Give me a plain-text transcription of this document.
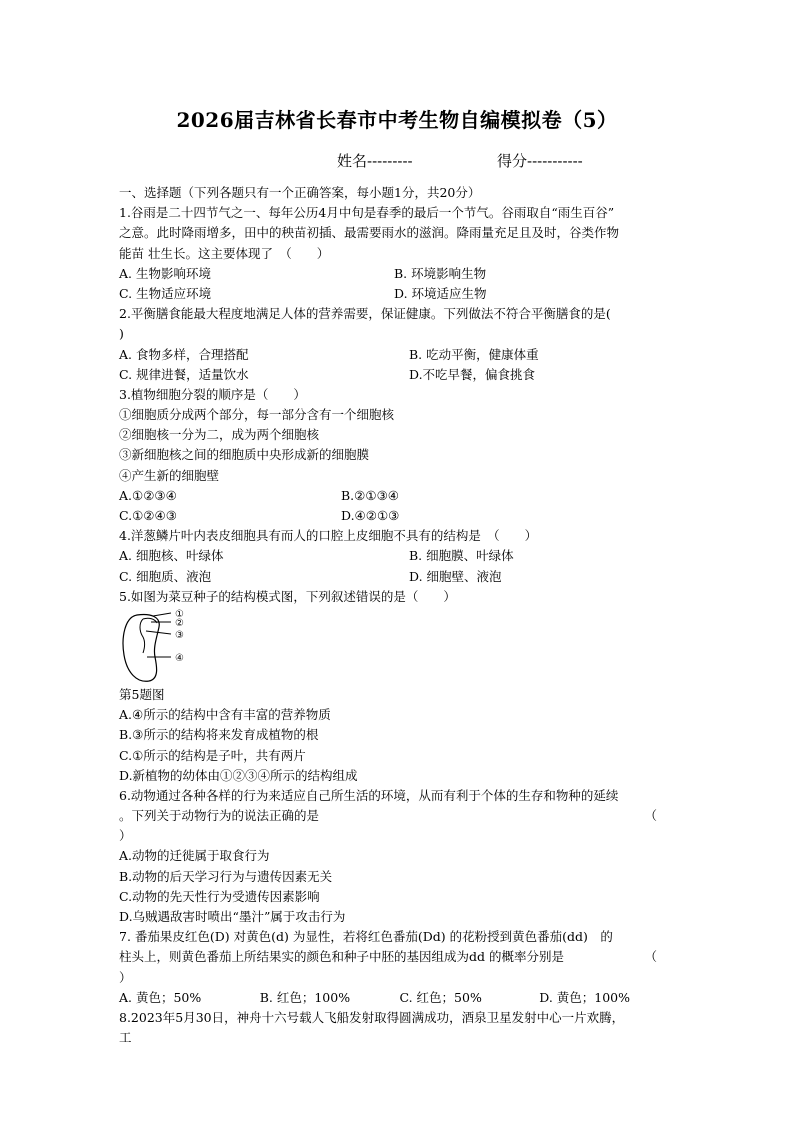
2026届吉林省长春市中考生物自编模拟卷（5）
姓名---------	得分-----------
一、选择题（下列各题只有一个正确答案，每小题1分，共20分）
1.谷雨是二十四节气之一、每年公历4月中旬是春季的最后一个节气。谷雨取自“雨生百谷”
之意。此时降雨增多，田中的秧苗初插、最需要雨水的滋润。降雨量充足且及时，谷类作物
能苗 壮生长。这主要体现了　（　　）
A. 生物影响环境	B. 环境影响生物
C. 生物适应环境	D. 环境适应生物
2.平衡膳食能最大程度地满足人体的营养需要，保证健康。下列做法不符合平衡膳食的是(
)
A. 食物多样，合理搭配	B. 吃动平衡，健康体重
C. 规律进餐，适量饮水	D.不吃早餐，偏食挑食
3.植物细胞分裂的顺序是（　　）
①细胞质分成两个部分，每一部分含有一个细胞核
②细胞核一分为二，成为两个细胞核
③新细胞核之间的细胞质中央形成新的细胞膜
④产生新的细胞壁
A.①②③④	B.②①③④
C.①②④③	D.④②①③
4.洋葱鳞片叶内表皮细胞具有而人的口腔上皮细胞不具有的结构是　（　　）
A. 细胞核、叶绿体	B. 细胞膜、叶绿体
C. 细胞质、液泡	D. 细胞壁、液泡
5.如图为菜豆种子的结构模式图，下列叙述错误的是（　　）
①
②
③
④
第5题图
A.④所示的结构中含有丰富的营养物质
B.③所示的结构将来发育成植物的根
C.①所示的结构是子叶，共有两片
D.新植物的幼体由①②③④所示的结构组成
6.动物通过各种各样的行为来适应自己所生活的环境，从而有利于个体的生存和物种的延续
。下列关于动物行为的说法正确的是	（
）
A.动物的迁徙属于取食行为
B.动物的后天学习行为与遗传因素无关
C.动物的先天性行为受遗传因素影响
D.乌贼遇敌害时喷出“墨汁”属于攻击行为
7. 番茄果皮红色(D) 对黄色(d) 为显性，若将红色番茄(Dd) 的花粉授到黄色番茄(dd)　的
柱头上，则黄色番茄上所结果实的颜色和种子中胚的基因组成为dd 的概率分别是	（
）
A. 黄色；50%	B. 红色；100%	C. 红色；50%	D. 黄色；100%
8.2023年5月30日，神舟十六号载人飞船发射取得圆满成功，酒泉卫星发射中心一片欢腾，
工
